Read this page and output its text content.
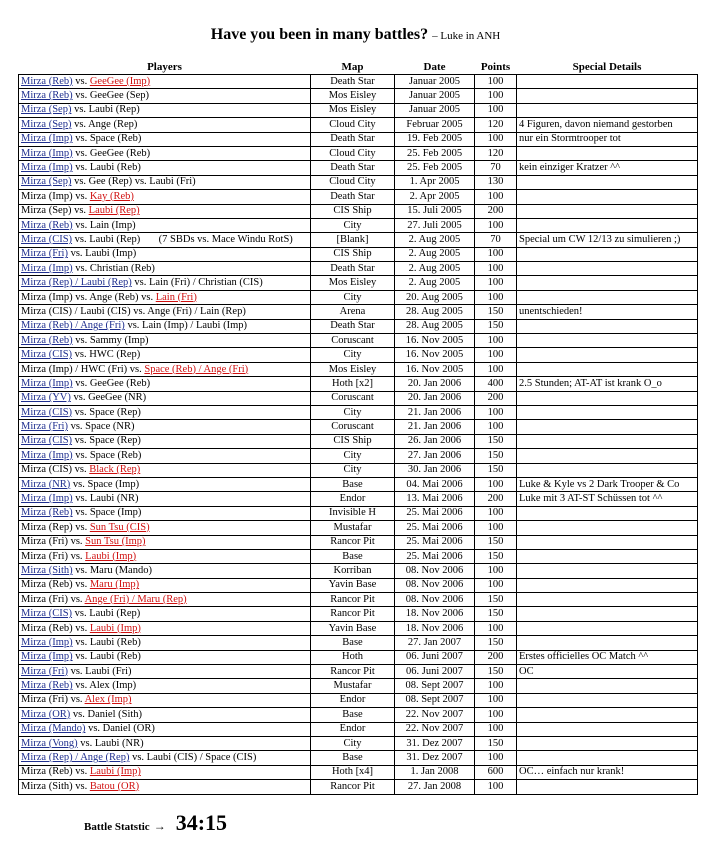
Have you been in many battles? – Luke in ANH
Players	Map	Date	Points	Special Details
Mirza (Reb) vs. GeeGee (Imp)	Death Star	Januar 2005	100	
Mirza (Reb) vs. GeeGee (Sep)	Mos Eisley	Januar 2005	100	
Mirza (Sep) vs. Laubi (Rep)	Mos Eisley	Januar 2005	100	
Mirza (Sep) vs. Ange (Rep)	Cloud City	Februar 2005	120	4 Figuren, davon niemand gestorben
Mirza (Imp) vs. Space (Reb)	Death Star	19. Feb 2005	100	nur ein Stormtrooper tot
Mirza (Imp) vs. GeeGee (Reb)	Cloud City	25. Feb 2005	120	
Mirza (Imp) vs. Laubi (Reb)	Death Star	25. Feb 2005	70	kein einziger Kratzer ^^
Mirza (Sep) vs. Gee (Rep) vs. Laubi (Fri)	Cloud City	1. Apr 2005	130	
Mirza (Imp) vs. Kay (Reb)	Death Star	2. Apr 2005	100	
Mirza (Sep) vs. Laubi (Rep)	CIS Ship	15. Juli 2005	200	
Mirza (Reb) vs. Lain (Imp)	City	27. Juli 2005	100	
Mirza (CIS) vs. Laubi (Rep)       (7 SBDs vs. Mace Windu RotS)	[Blank]	2. Aug 2005	70	Special um CW 12/13 zu simulieren ;)
Mirza (Fri) vs. Laubi (Imp)	CIS Ship	2. Aug 2005	100	
Mirza (Imp) vs. Christian (Reb)	Death Star	2. Aug 2005	100	
Mirza (Rep) / Laubi (Rep) vs. Lain (Fri) / Christian (CIS)	Mos Eisley	2. Aug 2005	100	
Mirza (Imp) vs. Ange (Reb) vs. Lain (Fri)	City	20. Aug 2005	100	
Mirza (CIS) / Laubi (CIS) vs. Ange (Fri) / Lain (Rep)	Arena	28. Aug 2005	150	unentschieden!
Mirza (Reb) / Ange (Fri) vs. Lain (Imp) / Laubi (Imp)	Death Star	28. Aug 2005	150	
Mirza (Reb) vs. Sammy (Imp)	Coruscant	16. Nov 2005	100	
Mirza (CIS) vs. HWC (Rep)	City	16. Nov 2005	100	
Mirza (Imp) / HWC (Fri) vs. Space (Reb) / Ange (Fri)	Mos Eisley	16. Nov 2005	100	
Mirza (Imp) vs. GeeGee (Reb)	Hoth [x2]	20. Jan 2006	400	2.5 Stunden; AT-AT ist krank O_o
Mirza (YV) vs. GeeGee (NR)	Coruscant	20. Jan 2006	200	
Mirza (CIS) vs. Space (Rep)	City	21. Jan 2006	100	
Mirza (Fri) vs. Space (NR)	Coruscant	21. Jan 2006	100	
Mirza (CIS) vs. Space (Rep)	CIS Ship	26. Jan 2006	150	
Mirza (Imp) vs. Space (Reb)	City	27. Jan 2006	150	
Mirza (CIS) vs. Black (Rep)	City	30. Jan 2006	150	
Mirza (NR) vs. Space (Imp)	Base	04. Mai 2006	100	Luke & Kyle vs 2 Dark Trooper & Co
Mirza (Imp) vs. Laubi (NR)	Endor	13. Mai 2006	200	Luke mit 3 AT-ST Schüssen tot ^^
Mirza (Reb) vs. Space (Imp)	Invisible H	25. Mai 2006	100	
Mirza (Rep) vs. Sun Tsu (CIS)	Mustafar	25. Mai 2006	100	
Mirza (Fri) vs. Sun Tsu (Imp)	Rancor Pit	25. Mai 2006	150	
Mirza (Fri) vs. Laubi (Imp)	Base	25. Mai 2006	150	
Mirza (Sith) vs. Maru (Mando)	Korriban	08. Nov 2006	100	
Mirza (Reb) vs. Maru (Imp)	Yavin Base	08. Nov 2006	100	
Mirza (Fri) vs. Ange (Fri) / Maru (Rep)	Rancor Pit	08. Nov 2006	150	
Mirza (CIS) vs. Laubi (Rep)	Rancor Pit	18. Nov 2006	150	
Mirza (Reb) vs. Laubi (Imp)	Yavin Base	18. Nov 2006	100	
Mirza (Imp) vs. Laubi (Reb)	Base	27. Jan 2007	150	
Mirza (Imp) vs. Laubi (Reb)	Hoth	06. Juni 2007	200	Erstes officielles OC Match ^^
Mirza (Fri) vs. Laubi (Fri)	Rancor Pit	06. Juni 2007	150	OC
Mirza (Reb) vs. Alex (Imp)	Mustafar	08. Sept 2007	100	
Mirza (Fri) vs. Alex (Imp)	Endor	08. Sept 2007	100	
Mirza (OR) vs. Daniel (Sith)	Base	22. Nov 2007	100	
Mirza (Mando) vs. Daniel (OR)	Endor	22. Nov 2007	100	
Mirza (Vong) vs. Laubi (NR)	City	31. Dez 2007	150	
Mirza (Rep) / Ange (Rep) vs. Laubi (CIS) / Space (CIS)	Base	31. Dez 2007	100	
Mirza (Reb) vs. Laubi (Imp)	Hoth [x4]	1. Jan 2008	600	OC… einfach nur krank!
Mirza (Sith) vs. Batou (OR)	Rancor Pit	27. Jan 2008	100	
Battle Statstic → 34:15
